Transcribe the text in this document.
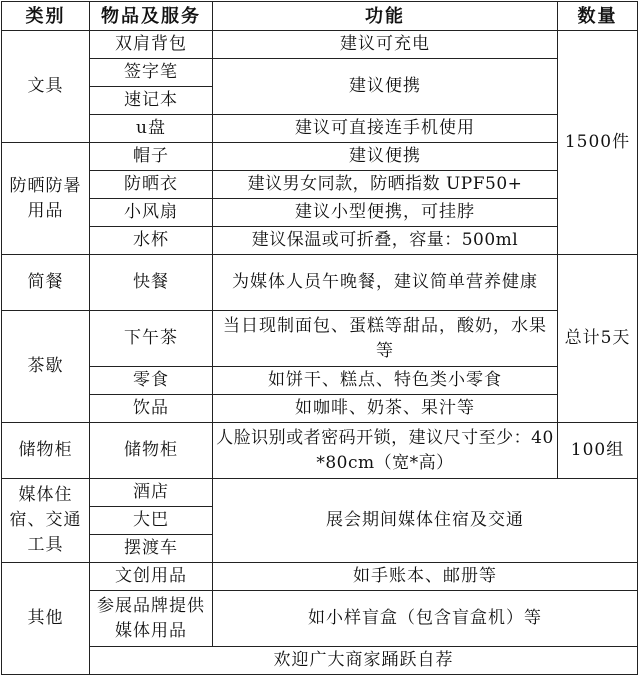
类别	物品及服务	功能	数量
文具	双肩背包	建议可充电	1500件
	签字笔	建议便携	
	速记本		
	u盘	建议可直接连手机使用	
防晒防暑用品	帽子	建议便携	
	防晒衣	建议男女同款，防晒指数 UPF50+	
	小风扇	建议小型便携，可挂脖	
	水杯	建议保温或可折叠，容量：500ml	
简餐	快餐	为媒体人员午晚餐，建议简单营养健康	总计5天
茶歇	下午茶	当日现制面包、蛋糕等甜品，酸奶，水果等	
	零食	如饼干、糕点、特色类小零食	
	饮品	如咖啡、奶茶、果汁等	
储物柜	储物柜	人脸识别或者密码开锁，建议尺寸至少：40*80cm（宽*高）	100组
媒体住宿、交通工具	酒店	展会期间媒体住宿及交通	
	大巴		
	摆渡车		
其他	文创用品	如手账本、邮册等	
	参展品牌提供媒体用品	如小样盲盒（包含盲盒机）等	
	欢迎广大商家踊跃自荐		
